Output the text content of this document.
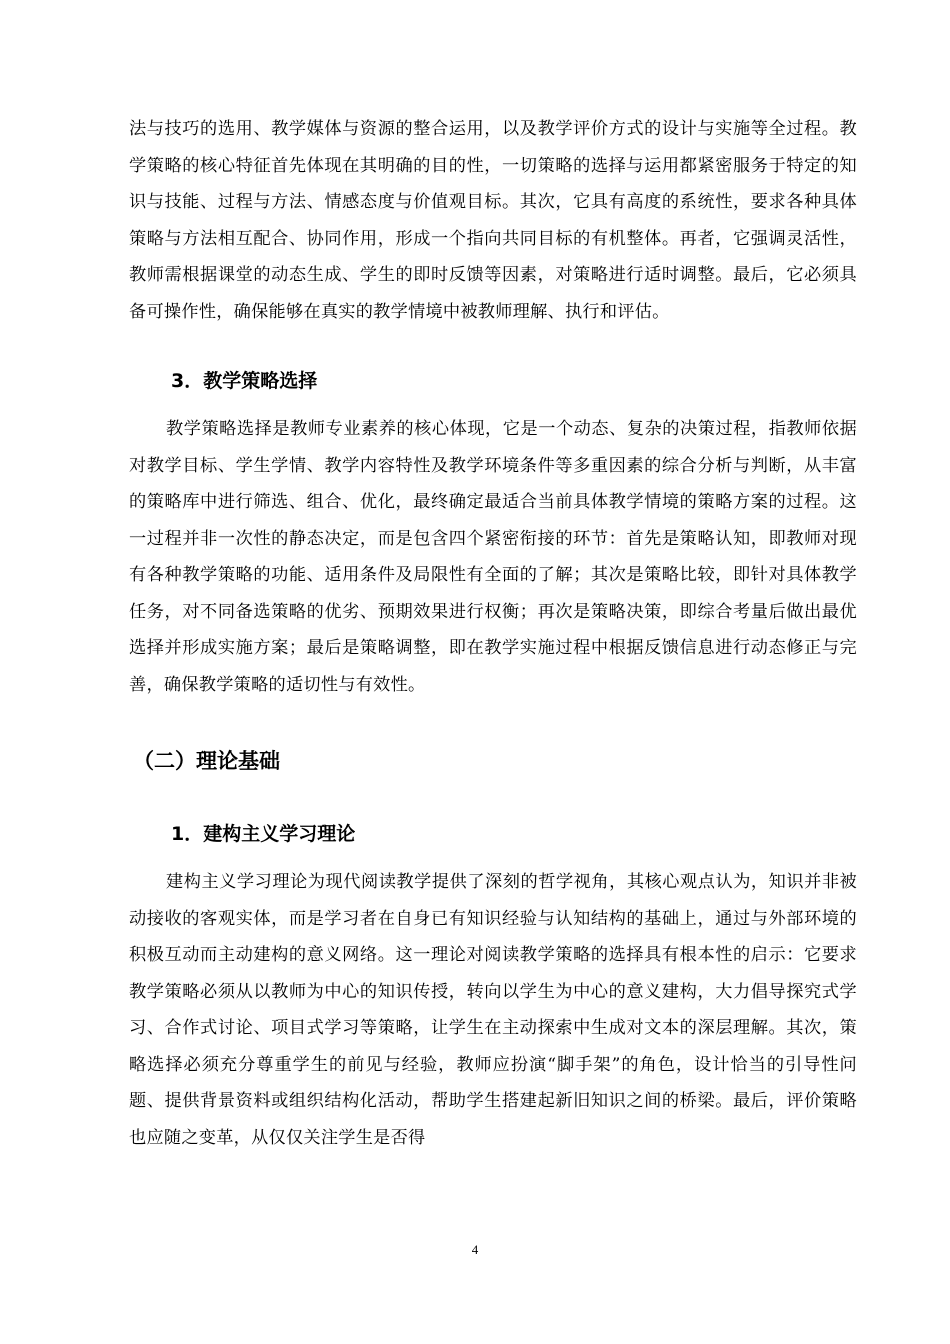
法与技巧的选用、教学媒体与资源的整合运用，以及教学评价方式的设计与实施等全过程。教学策略的核心特征首先体现在其明确的目的性，一切策略的选择与运用都紧密服务于特定的知识与技能、过程与方法、情感态度与价值观目标。其次，它具有高度的系统性，要求各种具体策略与方法相互配合、协同作用，形成一个指向共同目标的有机整体。再者，它强调灵活性，教师需根据课堂的动态生成、学生的即时反馈等因素，对策略进行适时调整。最后，它必须具备可操作性，确保能够在真实的教学情境中被教师理解、执行和评估。

3．教学策略选择

教学策略选择是教师专业素养的核心体现，它是一个动态、复杂的决策过程，指教师依据对教学目标、学生学情、教学内容特性及教学环境条件等多重因素的综合分析与判断，从丰富的策略库中进行筛选、组合、优化，最终确定最适合当前具体教学情境的策略方案的过程。这一过程并非一次性的静态决定，而是包含四个紧密衔接的环节：首先是策略认知，即教师对现有各种教学策略的功能、适用条件及局限性有全面的了解；其次是策略比较，即针对具体教学任务，对不同备选策略的优劣、预期效果进行权衡；再次是策略决策，即综合考量后做出最优选择并形成实施方案；最后是策略调整，即在教学实施过程中根据反馈信息进行动态修正与完善，确保教学策略的适切性与有效性。

（二）理论基础
1．建构主义学习理论

建构主义学习理论为现代阅读教学提供了深刻的哲学视角，其核心观点认为，知识并非被动接收的客观实体，而是学习者在自身已有知识经验与认知结构的基础上，通过与外部环境的积极互动而主动建构的意义网络。这一理论对阅读教学策略的选择具有根本性的启示：它要求教学策略必须从以教师为中心的知识传授，转向以学生为中心的意义建构，大力倡导探究式学习、合作式讨论、项目式学习等策略，让学生在主动探索中生成对文本的深层理解。其次，策略选择必须充分尊重学生的前见与经验，教师应扮演“脚手架”的角色，设计恰当的引导性问题、提供背景资料或组织结构化活动，帮助学生搭建起新旧知识之间的桥梁。最后，评价策略也应随之变革，从仅仅关注学生是否得

4
